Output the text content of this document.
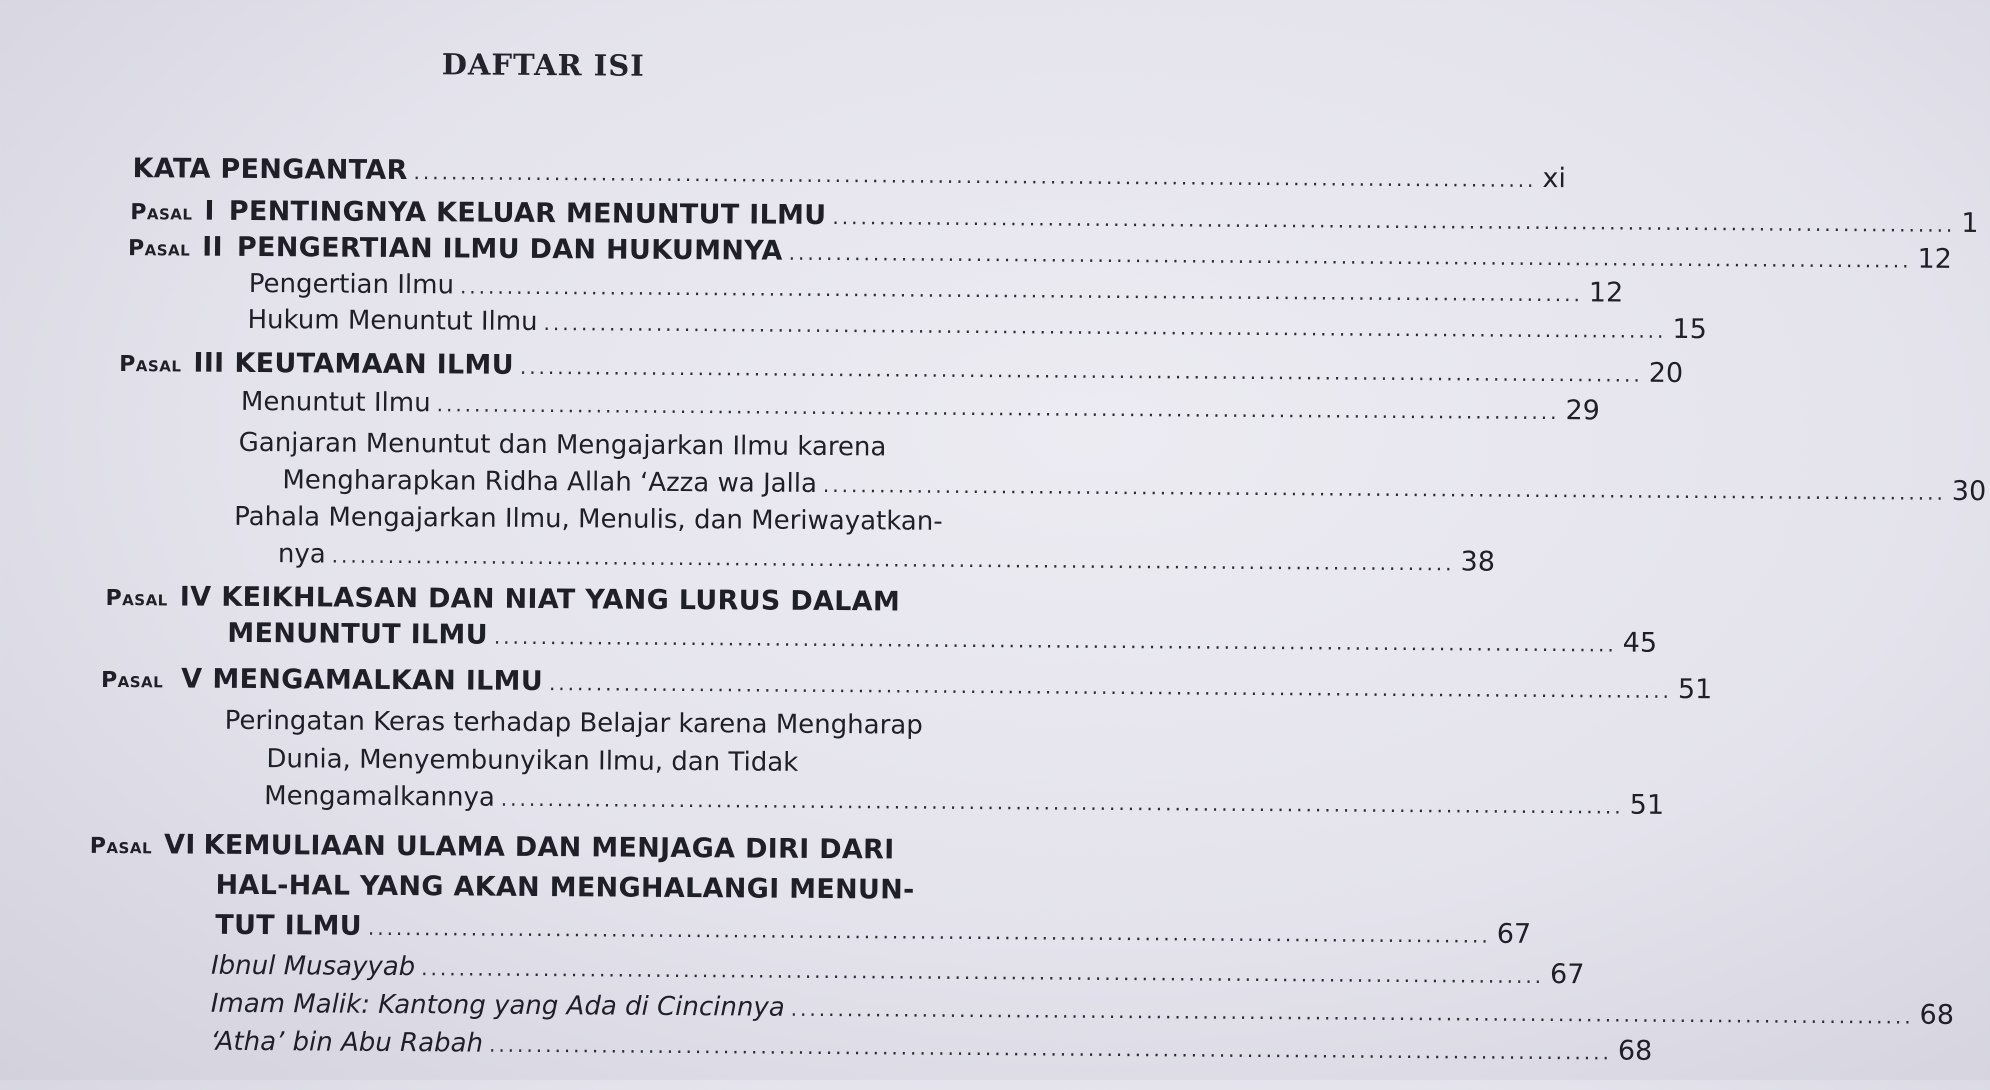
DAFTAR ISI
KATA PENGANTAR ........................................................................................................................ xi
Pasal I PENTINGNYA KELUAR MENUNTUT ILMU ........................................................................................................................ 1
Pasal II PENGERTIAN ILMU DAN HUKUMNYA ........................................................................................................................ 12
Pengertian Ilmu ........................................................................................................................ 12
Hukum Menuntut Ilmu ........................................................................................................................ 15
Pasal III KEUTAMAAN ILMU ........................................................................................................................ 20
Menuntut Ilmu ........................................................................................................................ 29
Ganjaran Menuntut dan Mengajarkan Ilmu karena
Mengharapkan Ridha Allah ‘Azza wa Jalla ........................................................................................................................ 30
Pahala Mengajarkan Ilmu, Menulis, dan Meriwayatkan-
nya ........................................................................................................................ 38
Pasal IV KEIKHLASAN DAN NIAT YANG LURUS DALAM
MENUNTUT ILMU ........................................................................................................................ 45
Pasal V MENGAMALKAN ILMU ........................................................................................................................ 51
Peringatan Keras terhadap Belajar karena Mengharap
Dunia, Menyembunyikan Ilmu, dan Tidak
Mengamalkannya ........................................................................................................................ 51
Pasal VI KEMULIAAN ULAMA DAN MENJAGA DIRI DARI
HAL-HAL YANG AKAN MENGHALANGI MENUN-
TUT ILMU ........................................................................................................................ 67
Ibnul Musayyab ........................................................................................................................ 67
Imam Malik: Kantong yang Ada di Cincinnya ........................................................................................................................ 68
‘Atha’ bin Abu Rabah ........................................................................................................................ 68
